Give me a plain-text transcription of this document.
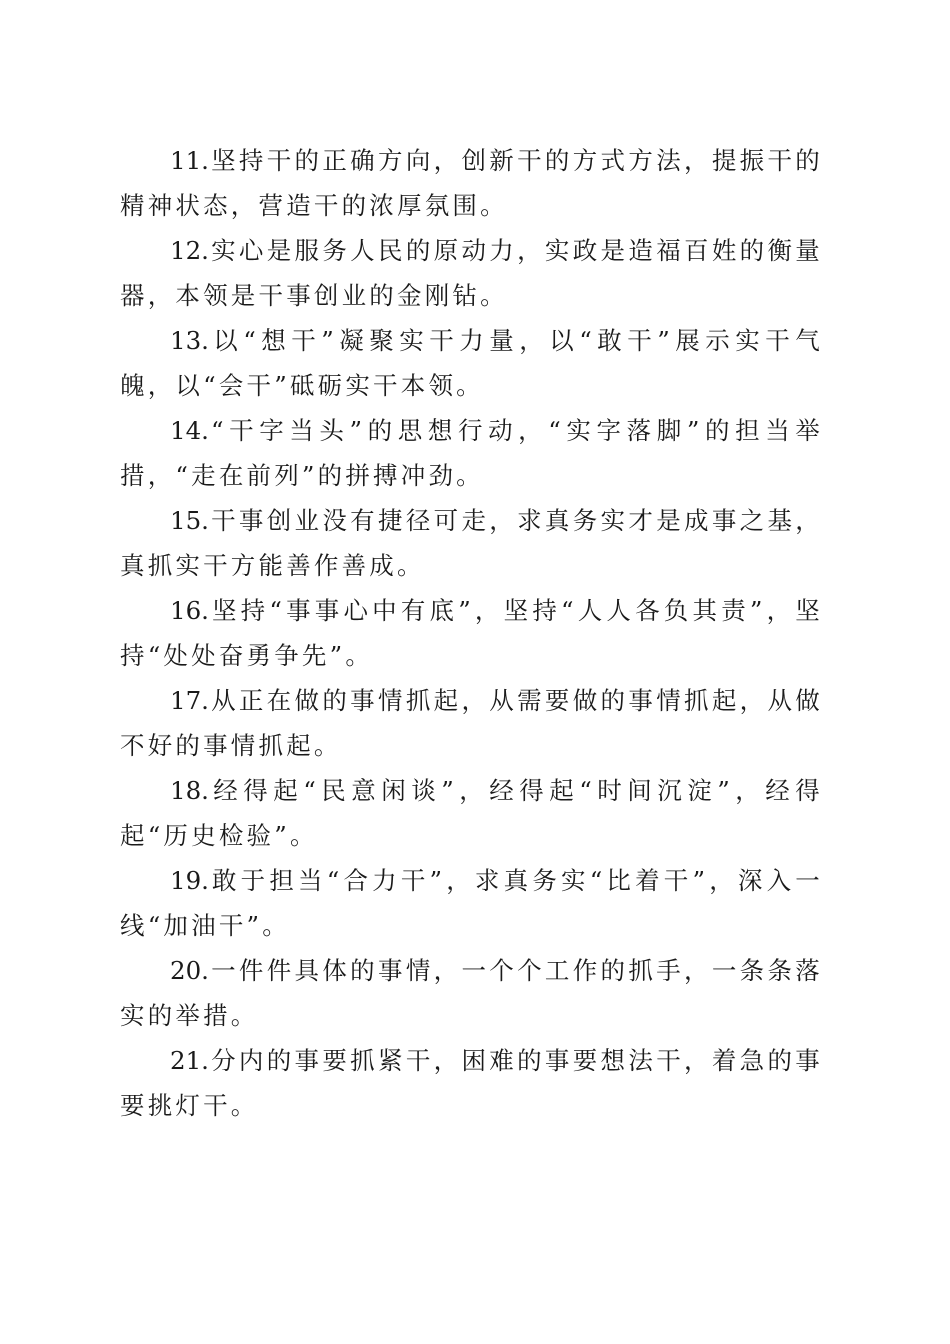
11.坚持干的正确方向，创新干的方式方法，提振干的精神状态，营造干的浓厚氛围。

12.实心是服务人民的原动力，实政是造福百姓的衡量器，本领是干事创业的金刚钻。

13.以“想干”凝聚实干力量，以“敢干”展示实干气魄，以“会干”砥砺实干本领。

14.“干字当头”的思想行动，“实字落脚”的担当举措，“走在前列”的拼搏冲劲。

15.干事创业没有捷径可走，求真务实才是成事之基，真抓实干方能善作善成。

16.坚持“事事心中有底”，坚持“人人各负其责”，坚持“处处奋勇争先”。

17.从正在做的事情抓起，从需要做的事情抓起，从做不好的事情抓起。

18.经得起“民意闲谈”，经得起“时间沉淀”，经得起“历史检验”。

19.敢于担当“合力干”，求真务实“比着干”，深入一线“加油干”。

20.一件件具体的事情，一个个工作的抓手，一条条落实的举措。

21.分内的事要抓紧干，困难的事要想法干，着急的事要挑灯干。
